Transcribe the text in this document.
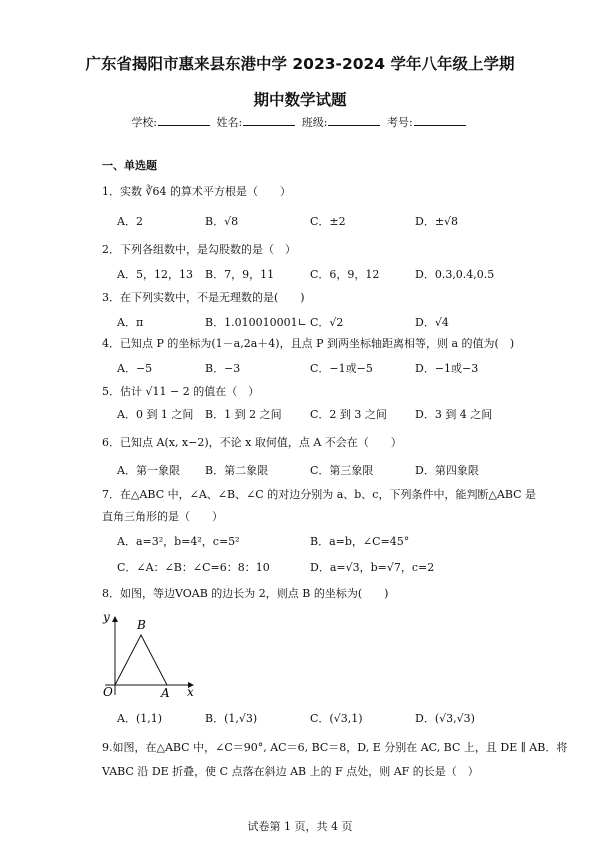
广东省揭阳市惠来县东港中学 2023-2024 学年八年级上学期
期中数学试题
学校:	姓名:	班级:	考号:
一、单选题
1．实数 ∛64 的算术平方根是（　　）
A．2	B．√8	C．±2	D．±√8
2．下列各组数中，是勾股数的是（　）
A．5，12，13 B．7，9，11	C．6，9，12	D．0.3,0.4,0.5
3．在下列实数中，不是无理数的是(　　)
A．π	B．1.010010001∟ C．√2	D．√4
4．已知点 P 的坐标为(1－a,2a＋4)，且点 P 到两坐标轴距离相等，则 a 的值为(　)
A．−5	B．−3	C．−1或−5	D．−1或−3
5．估计 √11 − 2 的值在（　）
A．0 到 1 之间 B．1 到 2 之间	C．2 到 3 之间	D．3 到 4 之间
6．已知点 A(x, x−2)，不论 x 取何值，点 A 不会在（　　）
A．第一象限 B．第二象限	C．第三象限	D．第四象限
7．在△ABC 中，∠A、∠B、∠C 的对边分别为 a、b、c，下列条件中，能判断△ABC 是
直角三角形的是（　　）
A．a=3²，b=4²，c=5²	B．a=b，∠C=45°
C．∠A：∠B：∠C=6：8：10	D．a=√3，b=√7，c=2
8．如图，等边VOAB 的边长为 2，则点 B 的坐标为(　　)
y
x
O	A
B
A．(1,1)	B．(1,√3)	C．(√3,1)	D．(√3,√3)
9.如图，在△ABC 中，∠C＝90°, AC＝6, BC＝8，D, E 分别在 AC, BC 上，且 DE ∥ AB．将
VABC 沿 DE 折叠，使 C 点落在斜边 AB 上的 F 点处，则 AF 的长是（　）
试卷第 1 页，共 4 页
